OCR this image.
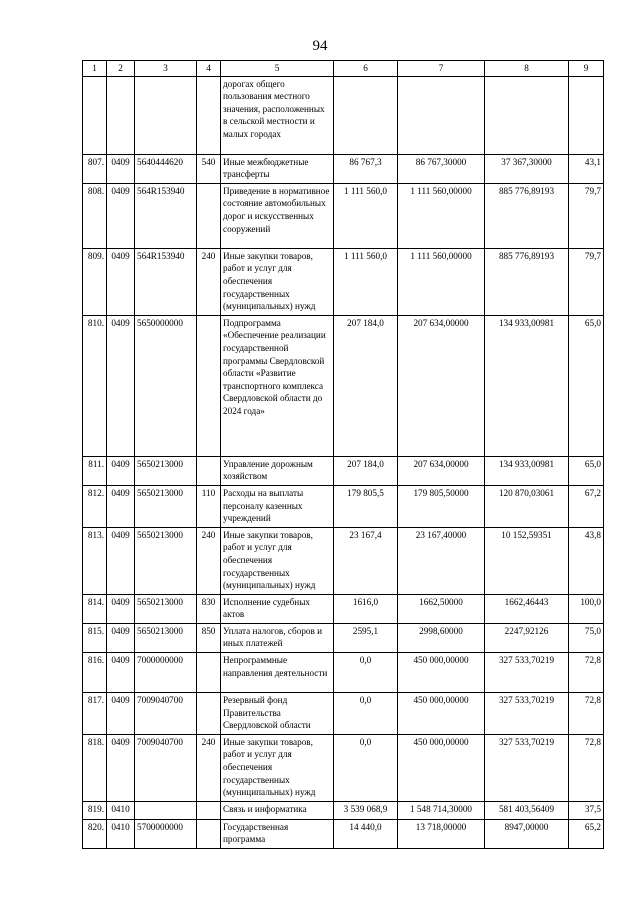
94
1	2	3	4	5	6	7	8	9
				дорогах общего пользования местного значения, расположенных в сельской местности и малых городах				
807.	0409	5640444620	540	Иные межбюджетные трансферты	86 767,3	86 767,30000	37 367,30000	43,1
808.	0409	564R153940		Приведение в нормативное состояние автомобильных дорог и искусственных сооружений	1 111 560,0	1 111 560,00000	885 776,89193	79,7
809.	0409	564R153940	240	Иные закупки товаров, работ и услуг для обеспечения государственных (муниципальных) нужд	1 111 560,0	1 111 560,00000	885 776,89193	79,7
810.	0409	5650000000		Подпрограмма «Обеспечение реализации государственной программы Свердловской области «Развитие транспортного комплекса Свердловской области до 2024 года»	207 184,0	207 634,00000	134 933,00981	65,0
811.	0409	5650213000		Управление дорожным хозяйством	207 184,0	207 634,00000	134 933,00981	65,0
812.	0409	5650213000	110	Расходы на выплаты персоналу казенных учреждений	179 805,5	179 805,50000	120 870,03061	67,2
813.	0409	5650213000	240	Иные закупки товаров, работ и услуг для обеспечения государственных (муниципальных) нужд	23 167,4	23 167,40000	10 152,59351	43,8
814.	0409	5650213000	830	Исполнение судебных актов	1616,0	1662,50000	1662,46443	100,0
815.	0409	5650213000	850	Уплата налогов, сборов и иных платежей	2595,1	2998,60000	2247,92126	75,0
816.	0409	7000000000		Непрограммные направления деятельности	0,0	450 000,00000	327 533,70219	72,8
817.	0409	7009040700		Резервный фонд Правительства Свердловской области	0,0	450 000,00000	327 533,70219	72,8
818.	0409	7009040700	240	Иные закупки товаров, работ и услуг для обеспечения государственных (муниципальных) нужд	0,0	450 000,00000	327 533,70219	72,8
819.	0410			Связь и информатика	3 539 068,9	1 548 714,30000	581 403,56409	37,5
820.	0410	5700000000		Государственная программа	14 440,0	13 718,00000	8947,00000	65,2
